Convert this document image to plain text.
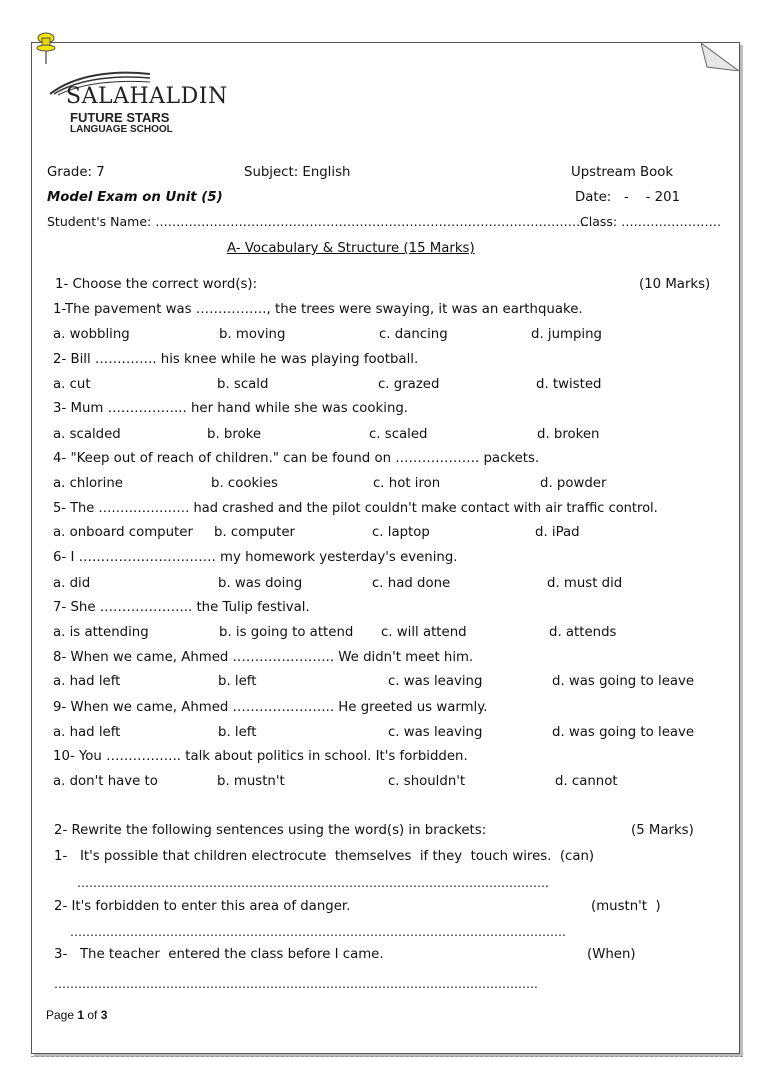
SALAHALDIN
FUTURE STARS
LANGUAGE SCHOOL
Grade: 7	Subject: English	Upstream Book
Model Exam on Unit (5)	Date:   -    - 201
Student's Name: ……………………………………………………………………………………………
Class: ……………………
A- Vocabulary & Structure (15 Marks)
1- Choose the correct word(s):	(10 Marks)
1-The pavement was ……………., the trees were swaying, it was an earthquake.
a. wobbling	b. moving	c. dancing	d. jumping
2- Bill ………….. his knee while he was playing football.
a. cut	b. scald	c. grazed	d. twisted
3- Mum ……………... her hand while she was cooking.
a. scalded	b. broke	c. scaled	d. broken
4- "Keep out of reach of children." can be found on ………………. packets.
a. chlorine	b. cookies	c. hot iron	d. powder
5- The ………………… had crashed and the pilot couldn't make contact with air traffic control.
a. onboard computer b. computer	c. laptop	d. iPad
6- I …………………………. my homework yesterday's evening.
a. did	b. was doing	c. had done	d. must did
7- She ………………... the Tulip festival.
a. is attending	b. is going to attend c. will attend	d. attends
8- When we came, Ahmed ………………….. We didn't meet him.
a. had left	b. left	c. was leaving	d. was going to leave
9- When we came, Ahmed ………………….. He greeted us warmly.
a. had left	b. left	c. was leaving	d. was going to leave
10- You …………….. talk about politics in school. It's forbidden.
a. don't have to	b. mustn't	c. shouldn't	d. cannot
2- Rewrite the following sentences using the word(s) in brackets:	(5 Marks)
1-   It's possible that children electrocute  themselves  if they  touch wires.  (can)
……………………………………………………………………………………………………….
2- It's forbidden to enter this area of danger.	(mustn't  )
…………………………………………………………………………………………………………….
3-   The teacher  entered the class before I came.	(When)
………………………………………………………………………………………………………….
Page 1 of 3
